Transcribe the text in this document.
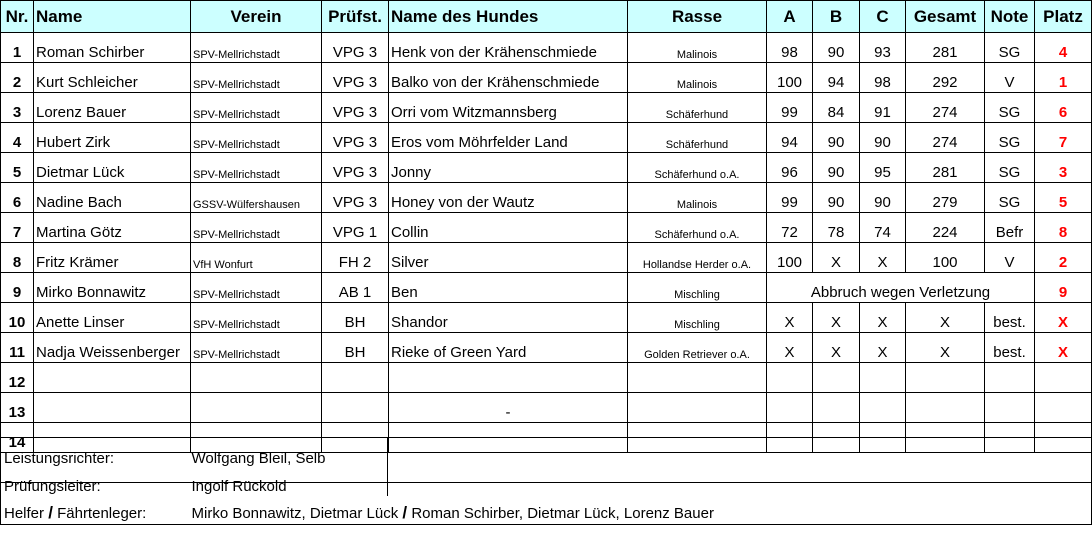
Nr.	Name	Verein	Prüfst.	Name des Hundes	Rasse	A	B	C	Gesamt	Note	Platz
1	Roman Schirber	SPV-Mellrichstadt	VPG 3	Henk von der Krähenschmiede	Malinois	98	90	93	281	SG	4
2	Kurt Schleicher	SPV-Mellrichstadt	VPG 3	Balko von der Krähenschmiede	Malinois	100	94	98	292	V	1
3	Lorenz Bauer	SPV-Mellrichstadt	VPG 3	Orri vom Witzmannsberg	Schäferhund	99	84	91	274	SG	6
4	Hubert Zirk	SPV-Mellrichstadt	VPG 3	Eros vom Möhrfelder Land	Schäferhund	94	90	90	274	SG	7
5	Dietmar Lück	SPV-Mellrichstadt	VPG 3	Jonny	Schäferhund o.A.	96	90	95	281	SG	3
6	Nadine Bach	GSSV-Wülfershausen	VPG 3	Honey von der Wautz	Malinois	99	90	90	279	SG	5
7	Martina Götz	SPV-Mellrichstadt	VPG 1	Collin	Schäferhund o.A.	72	78	74	224	Befr	8
8	Fritz Krämer	VfH Wonfurt	FH 2	Silver	Hollandse Herder o.A.	100	X	X	100	V	2
9	Mirko Bonnawitz	SPV-Mellrichstadt	AB 1	Ben	Mischling	Abbruch wegen Verletzung					9
10	Anette Linser	SPV-Mellrichstadt	BH	Shandor	Mischling	X	X	X	X	best.	X
11	Nadja Weissenberger	SPV-Mellrichstadt	BH	Rieke of Green Yard	Golden Retriever o.A.	X	X	X	X	best.	X
12											
13				-							
14											

Leistungsrichter:	Wolfgang Bleil, Selb	
Prüfungsleiter:	Ingolf Rückold	
Helfer / Fährtenleger:	Mirko Bonnawitz, Dietmar Lück / Roman Schirber, Dietmar Lück, Lorenz Bauer	
